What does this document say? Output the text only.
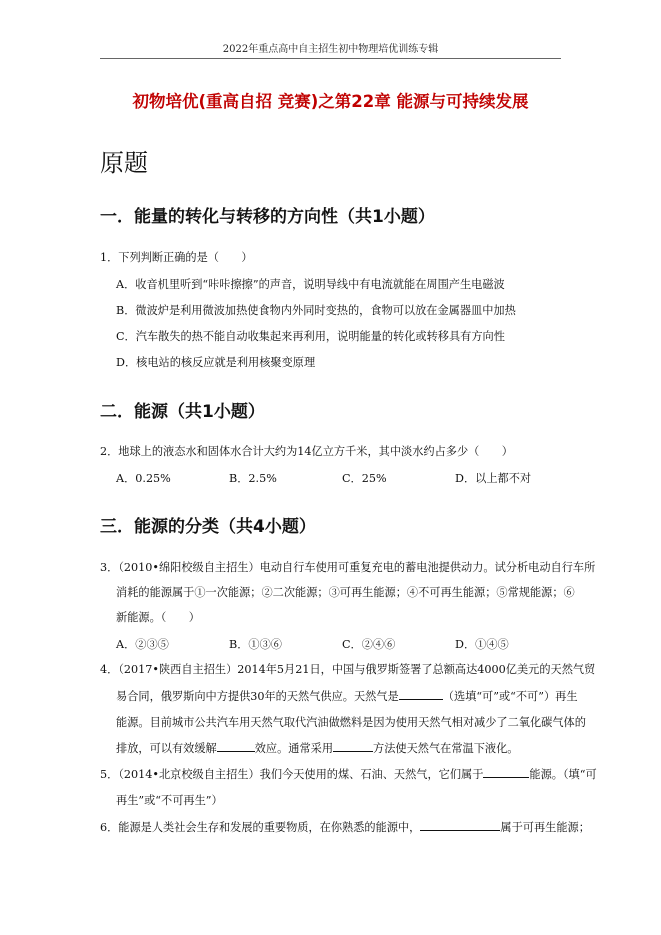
2022年重点高中自主招生初中物理培优训练专辑
初物培优(重高自招 竞赛)之第22章 能源与可持续发展
原题
一．能量的转化与转移的方向性（共1小题）
1．下列判断正确的是（　　）
A．收音机里听到“咔咔擦擦”的声音，说明导线中有电流就能在周围产生电磁波
B．微波炉是利用微波加热使食物内外同时变热的，食物可以放在金属器皿中加热
C．汽车散失的热不能自动收集起来再利用，说明能量的转化或转移具有方向性
D．核电站的核反应就是利用核聚变原理
二．能源（共1小题）
2．地球上的液态水和固体水合计大约为14亿立方千米，其中淡水约占多少（　　）
A．0.25%	B．2.5%	C．25%	D．以上都不对
三．能源的分类（共4小题）
3．（2010•绵阳校级自主招生）电动自行车使用可重复充电的蓄电池提供动力。试分析电动自行车所
消耗的能源属于①一次能源；②二次能源；③可再生能源；④不可再生能源；⑤常规能源；⑥
新能源。（　　）
A．②③⑤	B．①③⑥	C．②④⑥	D．①④⑤
4．（2017•陕西自主招生）2014年5月21日，中国与俄罗斯签署了总额高达4000亿美元的天然气贸
易合同，俄罗斯向中方提供30年的天然气供应。天然气是	（选填“可”或“不可”）再生
能源。目前城市公共汽车用天然气取代汽油做燃料是因为使用天然气相对减少了二氧化碳气体的
排放，可以有效缓解	效应。通常采用	方法使天然气在常温下液化。
5．（2014•北京校级自主招生）我们今天使用的煤、石油、天然气，它们属于	能源。（填“可
再生”或“不可再生”）
6．能源是人类社会生存和发展的重要物质，在你熟悉的能源中，	属于可再生能源；
